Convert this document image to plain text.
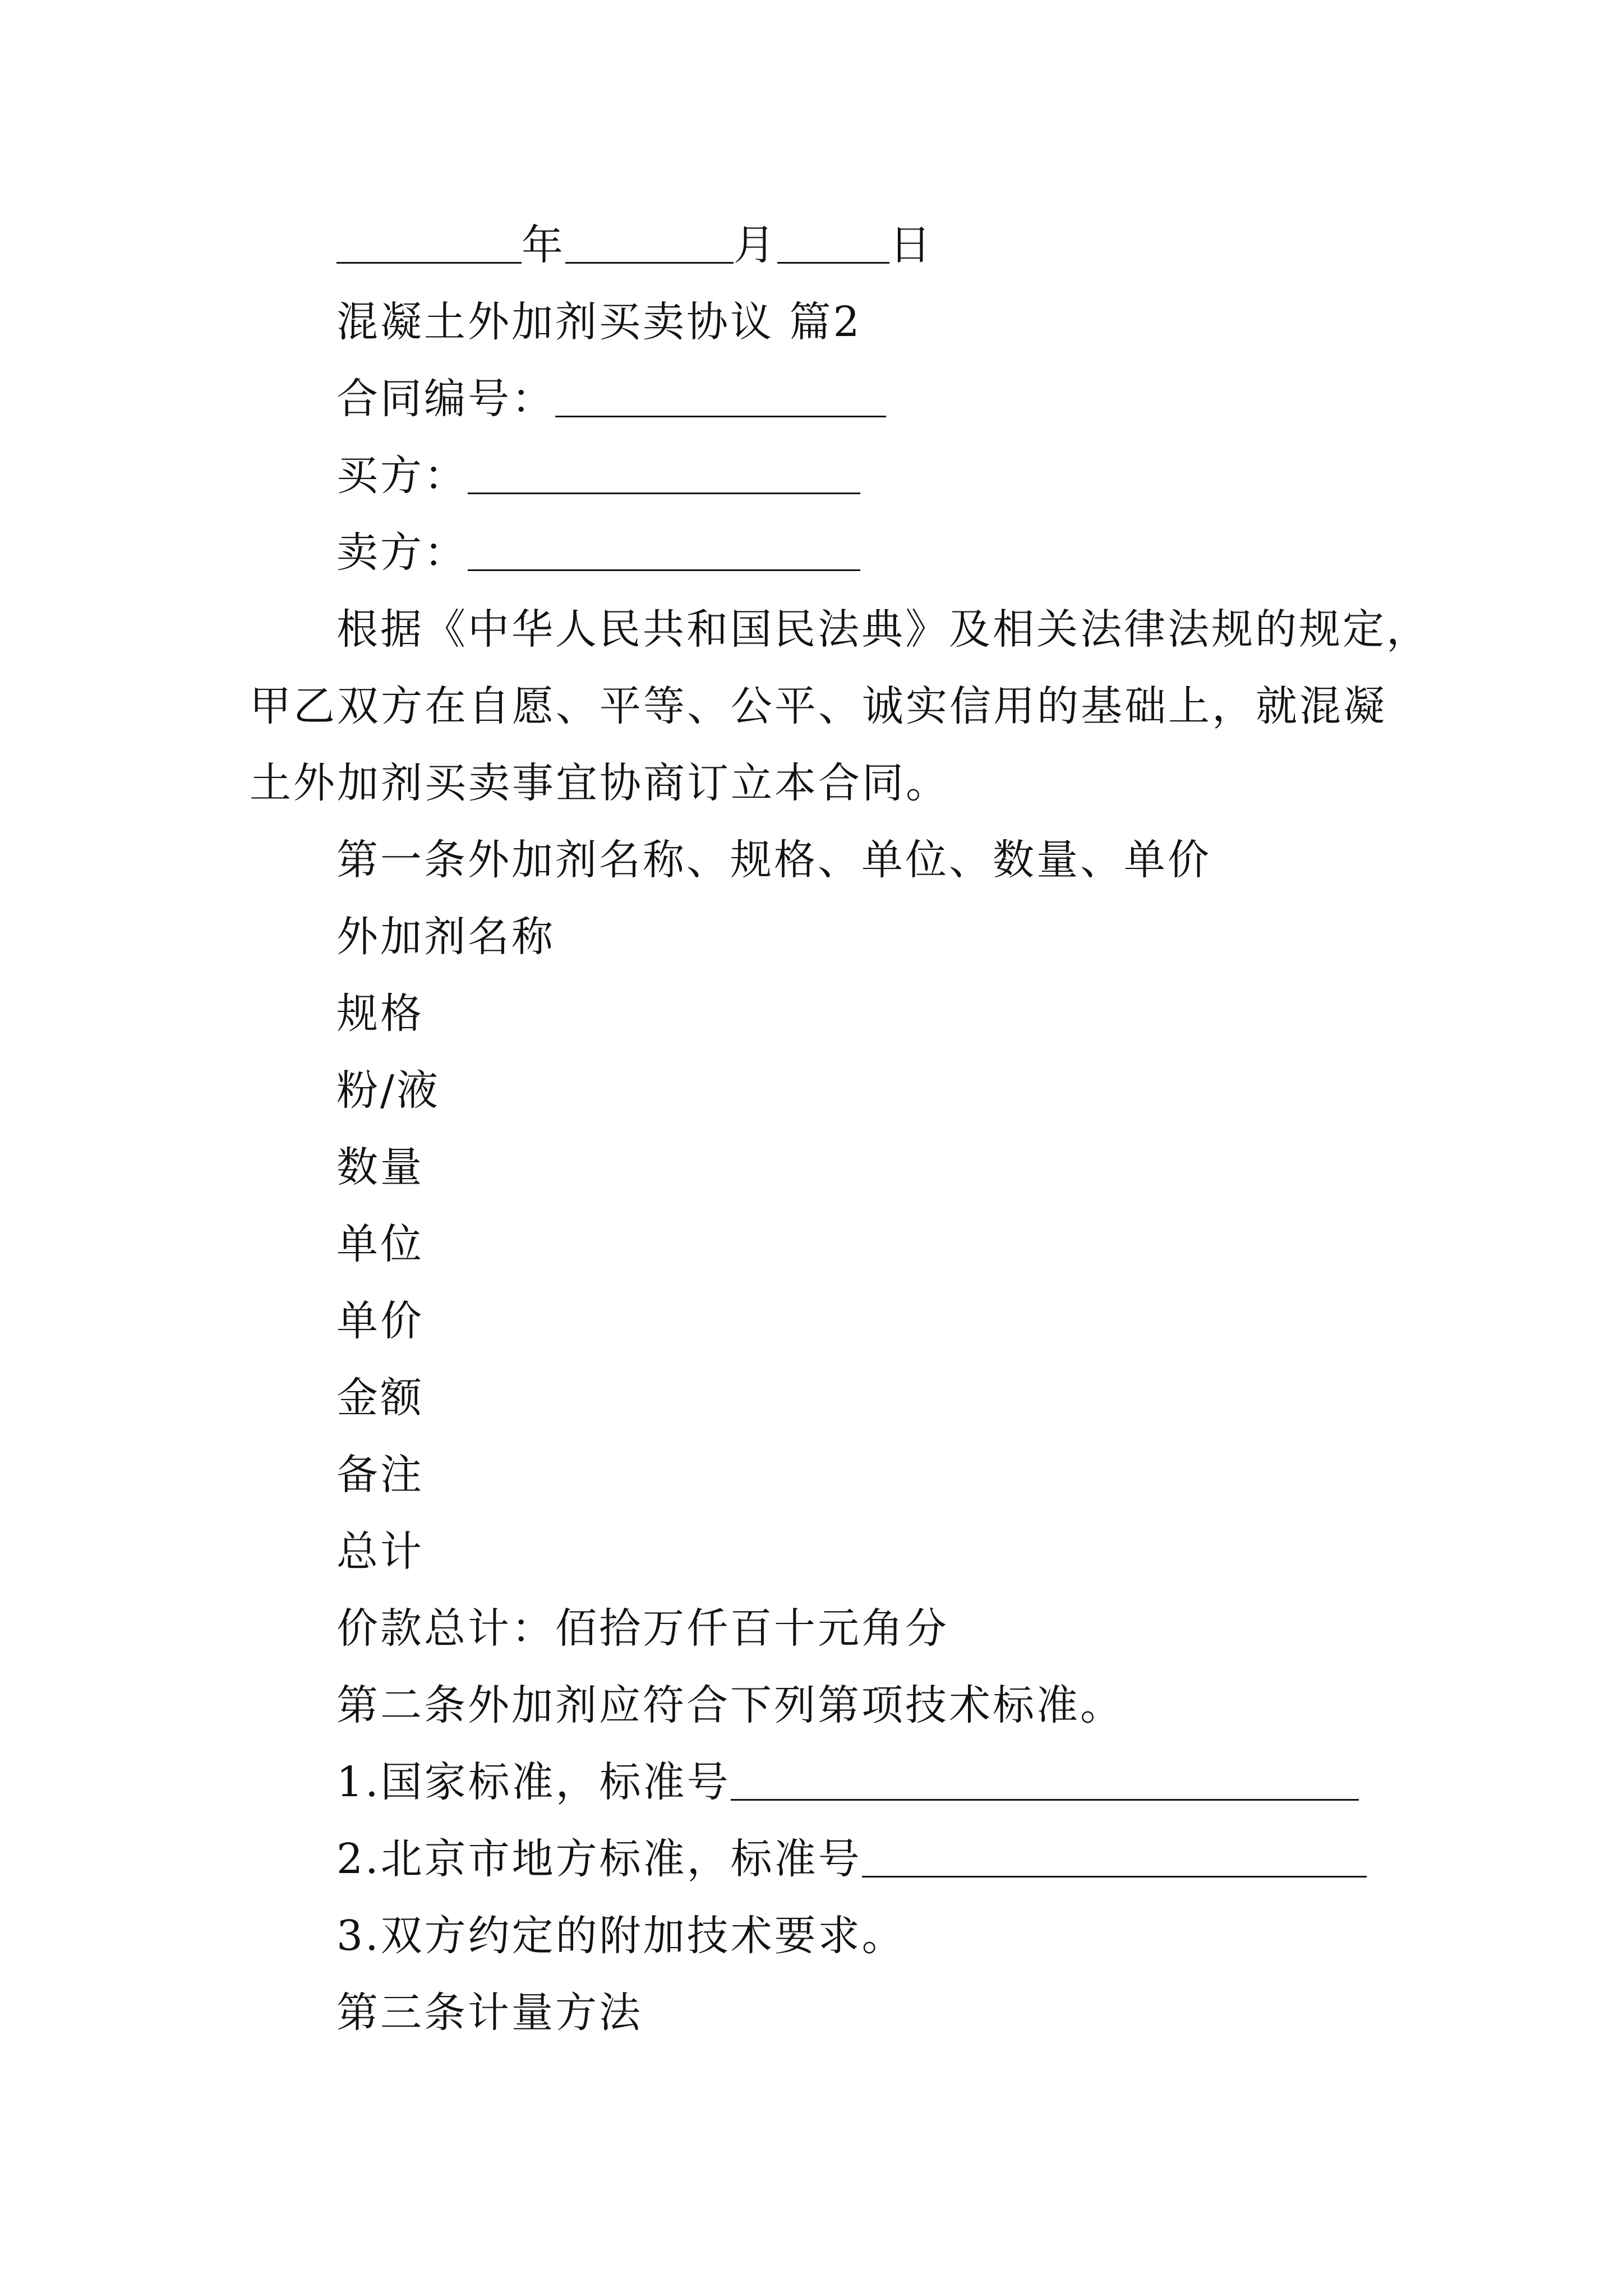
年	月	日
混凝土外加剂买卖协议 篇2
合同编号：
买方：
卖方：
根据《中华人民共和国民法典》及相关法律法规的规定，
甲乙双方在自愿、平等、公平、诚实信用的基础上，就混凝
土外加剂买卖事宜协商订立本合同。
第一条外加剂名称、规格、单位、数量、单价
外加剂名称
规格
粉/液
数量
单位
单价
金额
备注
总计
价款总计：佰拾万仟百十元角分
第二条外加剂应符合下列第项技术标准。
1.国家标准，标准号
2.北京市地方标准，标准号
3.双方约定的附加技术要求。
第三条计量方法
